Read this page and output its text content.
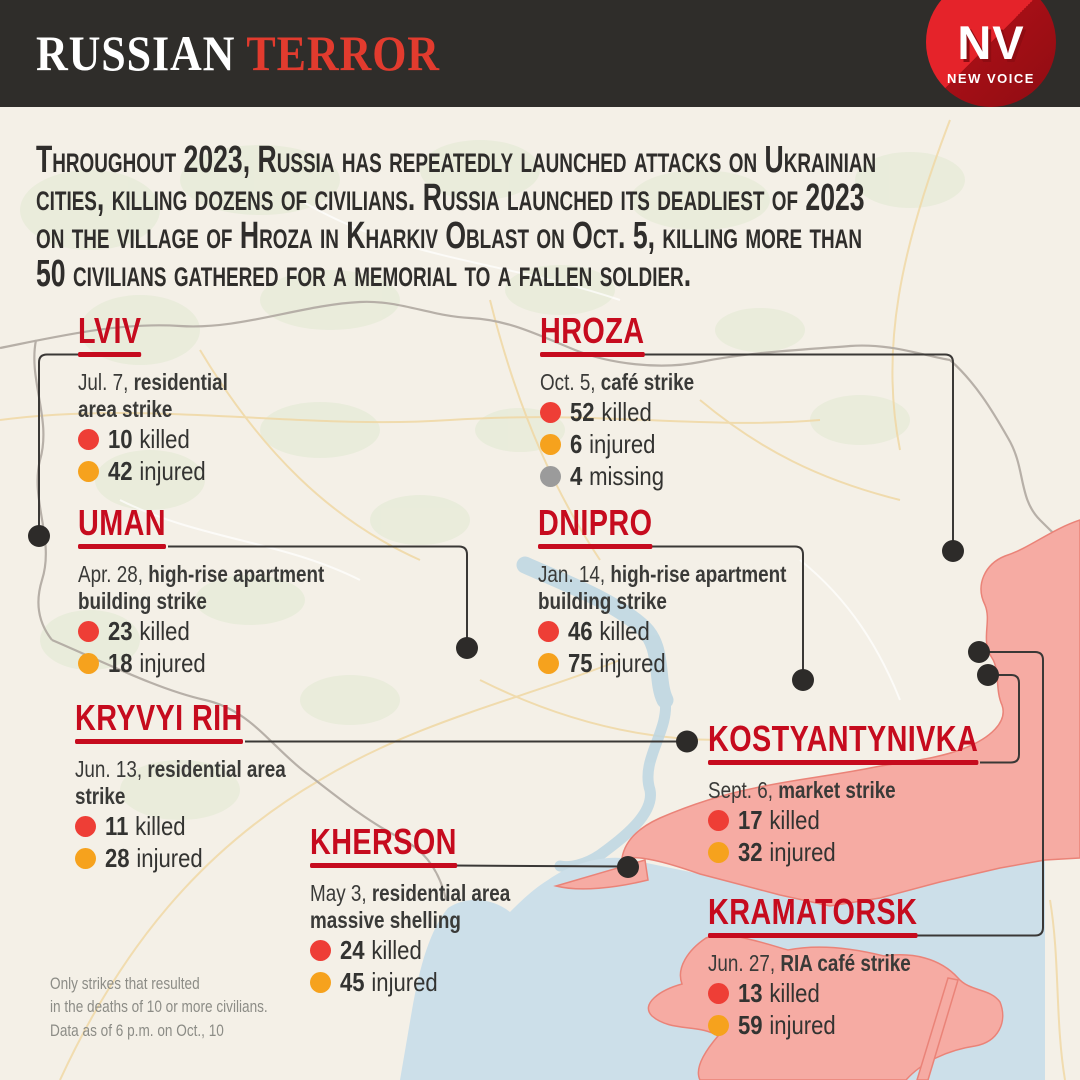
RUSSIAN TERROR	NV
NEW VOICE
Throughout 2023, Russia has repeatedly launched attacks on Ukrainian
cities, killing dozens of civilians. Russia launched its deadliest of 2023
on the village of Hroza in Kharkiv Oblast on Oct. 5, killing more than
50 civilians gathered for a memorial to a fallen soldier.
LVIV
Jul. 7, residential area strike
10 killed
42 injured
HROZA
Oct. 5, café strike
52 killed
6 injured
4 missing
UMAN
Apr. 28, high-rise apartment building strike
23 killed
18 injured
DNIPRO
Jan. 14, high-rise apartment building strike
46 killed
75 injured
KRYVYI RIH
Jun. 13, residential area strike
11 killed
28 injured
KOSTYANTYNIVKA
Sept. 6, market strike
17 killed
32 injured
KHERSON
May 3, residential area massive shelling
24 killed
45 injured
KRAMATORSK
Jun. 27, RIA café strike
13 killed
59 injured
Only strikes that resulted
in the deaths of 10 or more civilians.
Data as of 6 p.m. on Oct., 10
